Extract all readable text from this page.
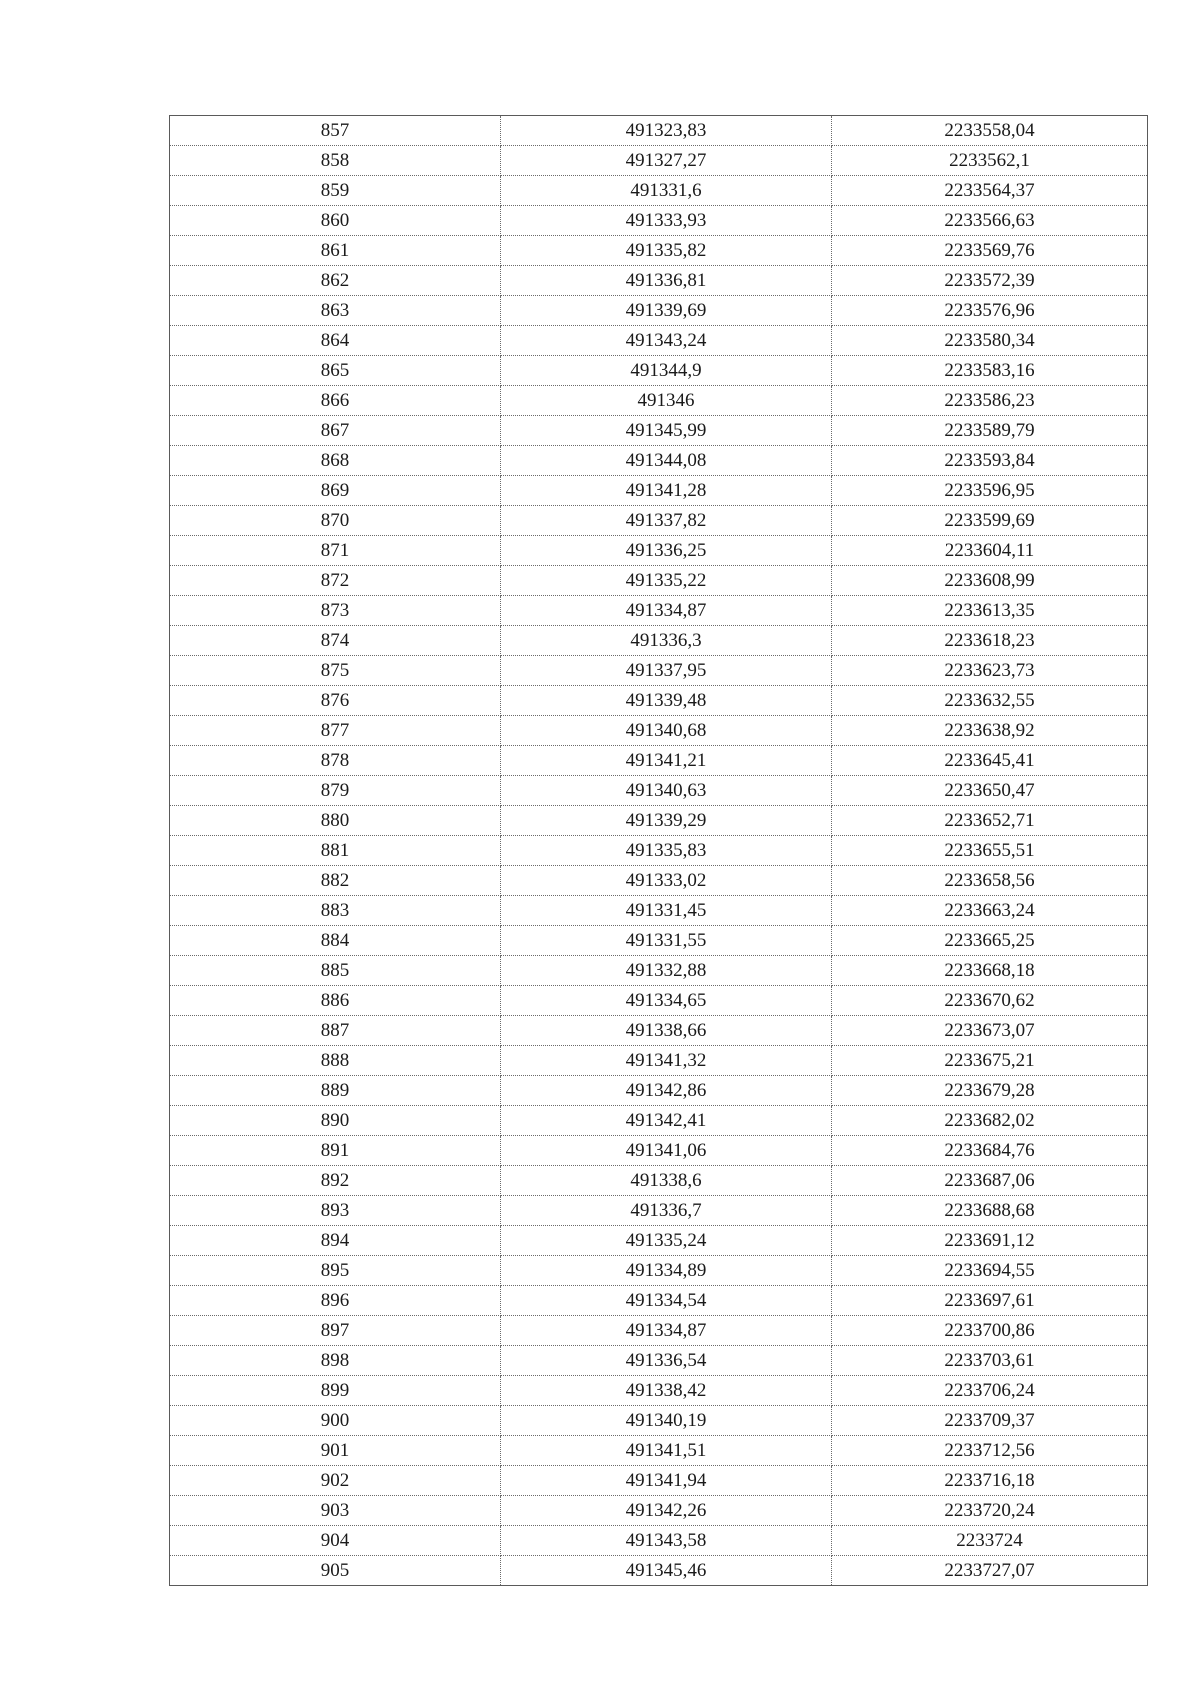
857	491323,83	2233558,04
858	491327,27	2233562,1
859	491331,6	2233564,37
860	491333,93	2233566,63
861	491335,82	2233569,76
862	491336,81	2233572,39
863	491339,69	2233576,96
864	491343,24	2233580,34
865	491344,9	2233583,16
866	491346	2233586,23
867	491345,99	2233589,79
868	491344,08	2233593,84
869	491341,28	2233596,95
870	491337,82	2233599,69
871	491336,25	2233604,11
872	491335,22	2233608,99
873	491334,87	2233613,35
874	491336,3	2233618,23
875	491337,95	2233623,73
876	491339,48	2233632,55
877	491340,68	2233638,92
878	491341,21	2233645,41
879	491340,63	2233650,47
880	491339,29	2233652,71
881	491335,83	2233655,51
882	491333,02	2233658,56
883	491331,45	2233663,24
884	491331,55	2233665,25
885	491332,88	2233668,18
886	491334,65	2233670,62
887	491338,66	2233673,07
888	491341,32	2233675,21
889	491342,86	2233679,28
890	491342,41	2233682,02
891	491341,06	2233684,76
892	491338,6	2233687,06
893	491336,7	2233688,68
894	491335,24	2233691,12
895	491334,89	2233694,55
896	491334,54	2233697,61
897	491334,87	2233700,86
898	491336,54	2233703,61
899	491338,42	2233706,24
900	491340,19	2233709,37
901	491341,51	2233712,56
902	491341,94	2233716,18
903	491342,26	2233720,24
904	491343,58	2233724
905	491345,46	2233727,07
